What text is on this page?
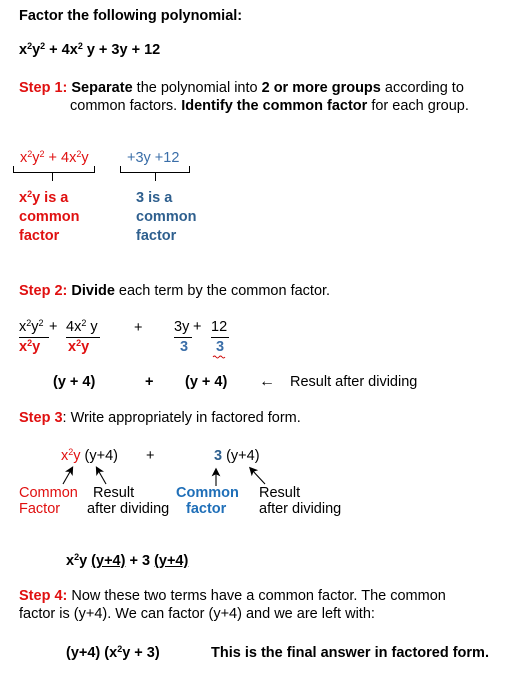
Factor the following polynomial:
$x^2y^2 + 4x^2$ y + 3y + 12
Step 1: Separate the polynomial into 2 or more groups according to
common factors. Identify the common factor for each group.
$x^2y^2 + 4x^2y$	+3y +12
$x^2y$ is a
common
factor
3 is a
common
factor
Step 2: Divide each term by the common factor.
$x^2y^2 + 4x^2$ y
$x^2y$ $x^2y$
+ 3y + 12
3 3
(y + 4)	+ (y + 4) ← Result after dividing
Step 3: Write appropriately in factored form.
$x^2y$ (y+4) +	3 (y+4)
Common
Factor
Result
after dividing
Common
factor
Result
after dividing
$x^2y$ (y+4) + 3 (y+4)
Step 4: Now these two terms have a common factor. The common
factor is (y+4). We can factor (y+4) and we are left with:
(y+4) $(x^2y + 3)$	This is the final answer in factored form.
